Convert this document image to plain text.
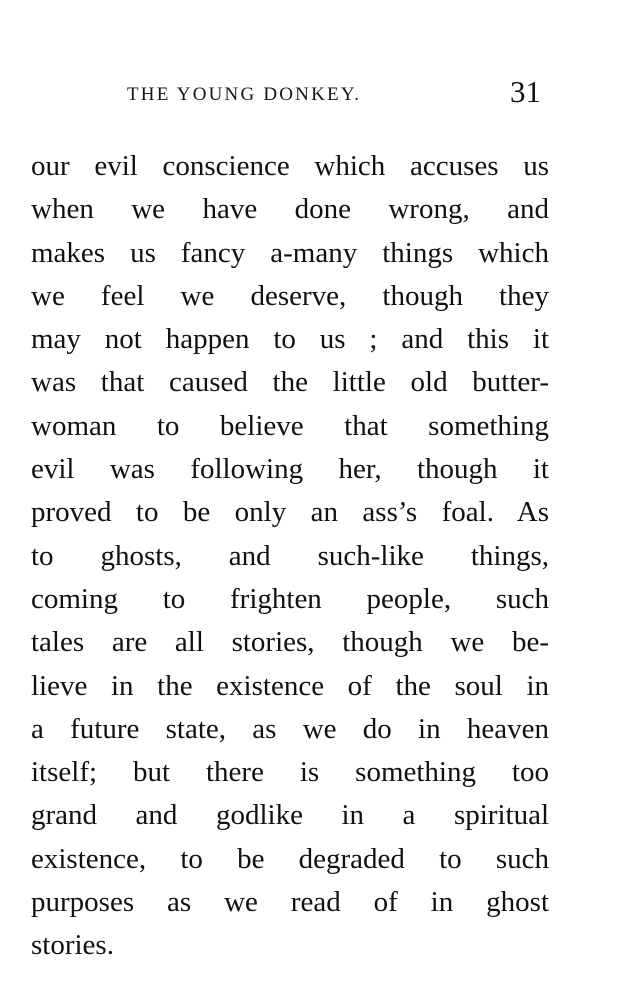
THE YOUNG DONKEY.	31
our evil conscience which accuses us
when we have done wrong, and
makes us fancy a-many things which
we feel we deserve, though they
may not happen to us ; and this it
was that caused the little old butter-
woman to believe that something
evil was following her, though it
proved to be only an ass’s foal. As
to ghosts, and such-like things,
coming to frighten people, such
tales are all stories, though we be-
lieve in the existence of the soul in
a future state, as we do in heaven
itself; but there is something too
grand and godlike in a spiritual
existence, to be degraded to such
purposes as we read of in ghost
stories.
